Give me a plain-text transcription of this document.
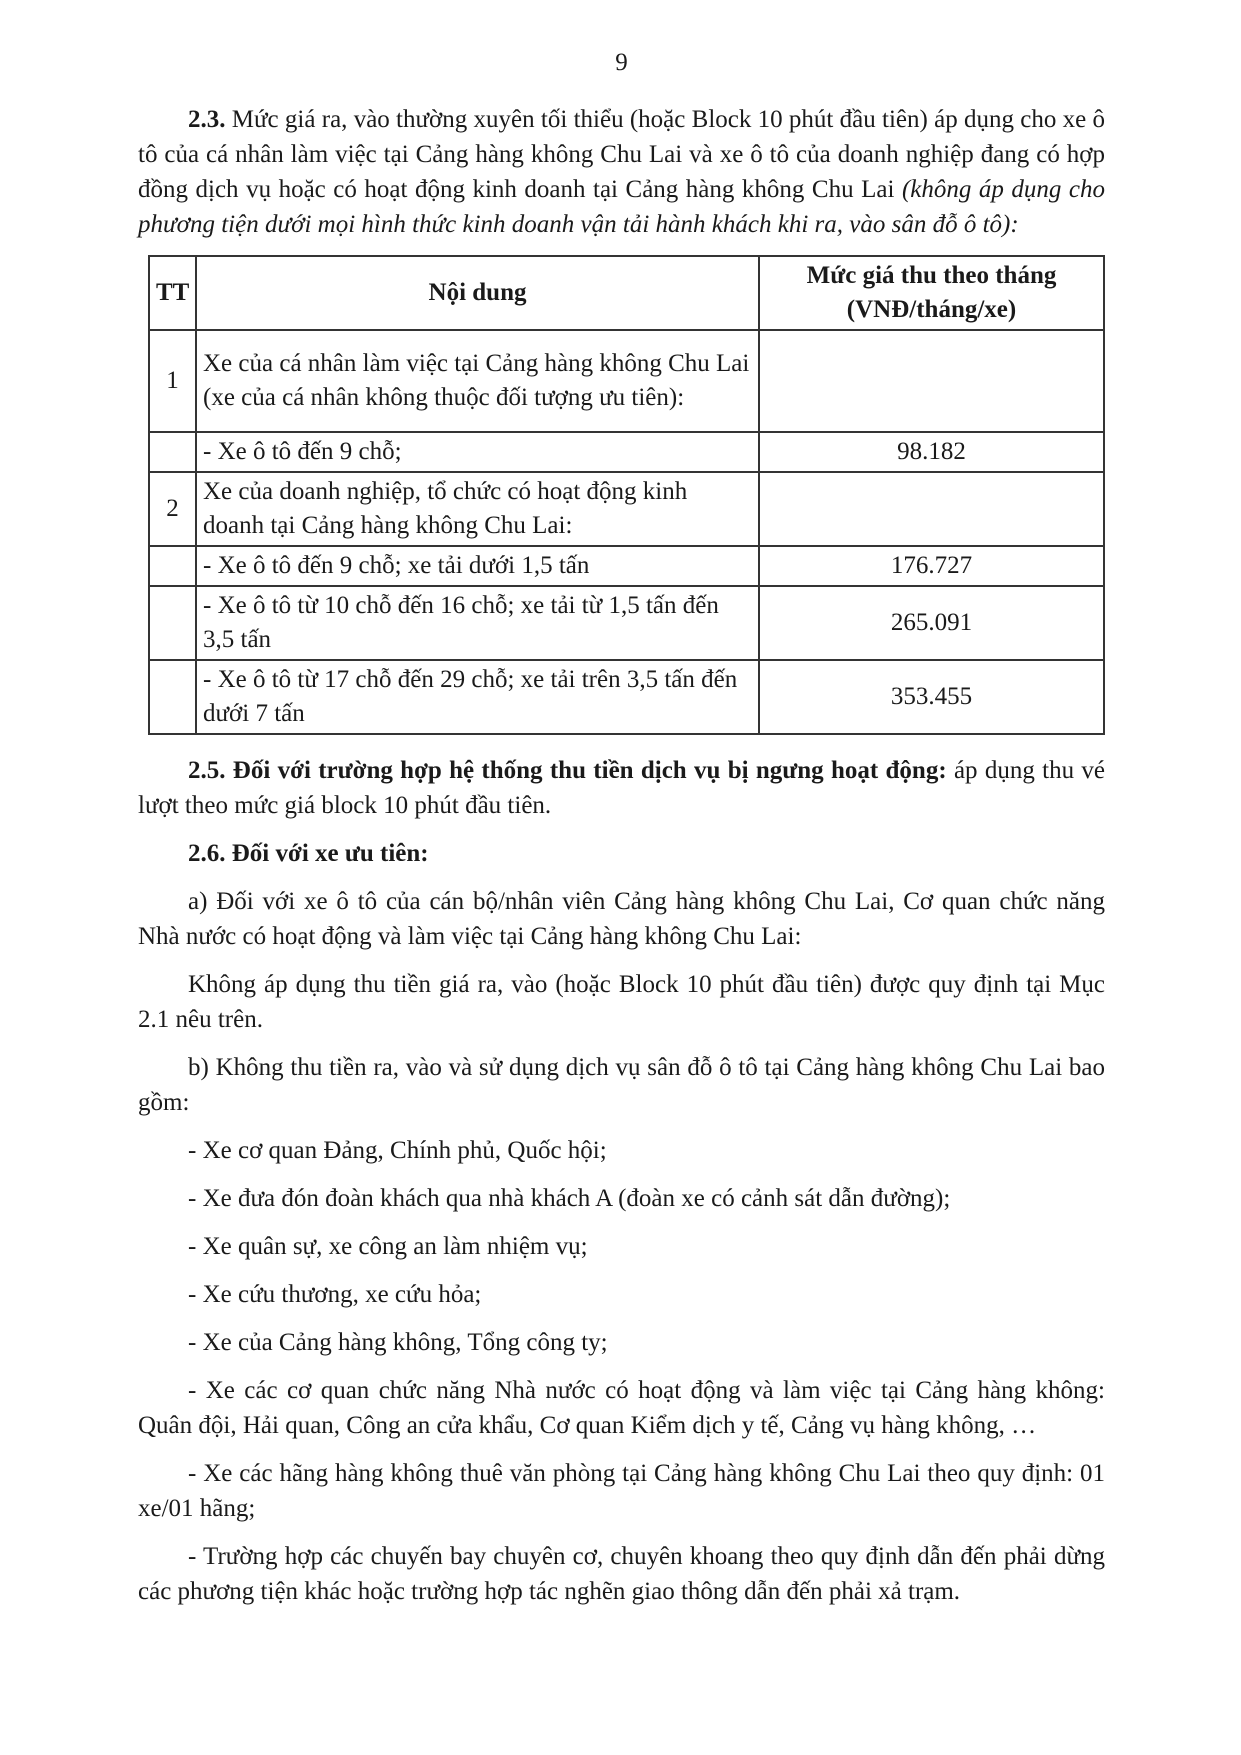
9

2.3. Mức giá ra, vào thường xuyên tối thiểu (hoặc Block 10 phút đầu tiên) áp dụng cho xe ô tô của cá nhân làm việc tại Cảng hàng không Chu Lai và xe ô tô của doanh nghiệp đang có hợp đồng dịch vụ hoặc có hoạt động kinh doanh tại Cảng hàng không Chu Lai (không áp dụng cho phương tiện dưới mọi hình thức kinh doanh vận tải hành khách khi ra, vào sân đỗ ô tô):

TT	Nội dung	Mức giá thu theo tháng (VNĐ/tháng/xe)
1	Xe của cá nhân làm việc tại Cảng hàng không Chu Lai (xe của cá nhân không thuộc đối tượng ưu tiên):	
	- Xe ô tô đến 9 chỗ;	98.182
2	Xe của doanh nghiệp, tổ chức có hoạt động kinh doanh tại Cảng hàng không Chu Lai:	
	- Xe ô tô đến 9 chỗ; xe tải dưới 1,5 tấn	176.727
	- Xe ô tô từ 10 chỗ đến 16 chỗ; xe tải từ 1,5 tấn đến 3,5 tấn	265.091
	- Xe ô tô từ 17 chỗ đến 29 chỗ; xe tải trên 3,5 tấn đến dưới 7 tấn	353.455

2.5. Đối với trường hợp hệ thống thu tiền dịch vụ bị ngưng hoạt động: áp dụng thu vé lượt theo mức giá block 10 phút đầu tiên.

2.6. Đối với xe ưu tiên:

a) Đối với xe ô tô của cán bộ/nhân viên Cảng hàng không Chu Lai, Cơ quan chức năng Nhà nước có hoạt động và làm việc tại Cảng hàng không Chu Lai:

Không áp dụng thu tiền giá ra, vào (hoặc Block 10 phút đầu tiên) được quy định tại Mục 2.1 nêu trên.

b) Không thu tiền ra, vào và sử dụng dịch vụ sân đỗ ô tô tại Cảng hàng không Chu Lai bao gồm:

- Xe cơ quan Đảng, Chính phủ, Quốc hội;

- Xe đưa đón đoàn khách qua nhà khách A (đoàn xe có cảnh sát dẫn đường);

- Xe quân sự, xe công an làm nhiệm vụ;

- Xe cứu thương, xe cứu hỏa;

- Xe của Cảng hàng không, Tổng công ty;

- Xe các cơ quan chức năng Nhà nước có hoạt động và làm việc tại Cảng hàng không: Quân đội, Hải quan, Công an cửa khẩu, Cơ quan Kiểm dịch y tế, Cảng vụ hàng không, …

- Xe các hãng hàng không thuê văn phòng tại Cảng hàng không Chu Lai theo quy định: 01 xe/01 hãng;

- Trường hợp các chuyến bay chuyên cơ, chuyên khoang theo quy định dẫn đến phải dừng các phương tiện khác hoặc trường hợp tác nghẽn giao thông dẫn đến phải xả trạm.
